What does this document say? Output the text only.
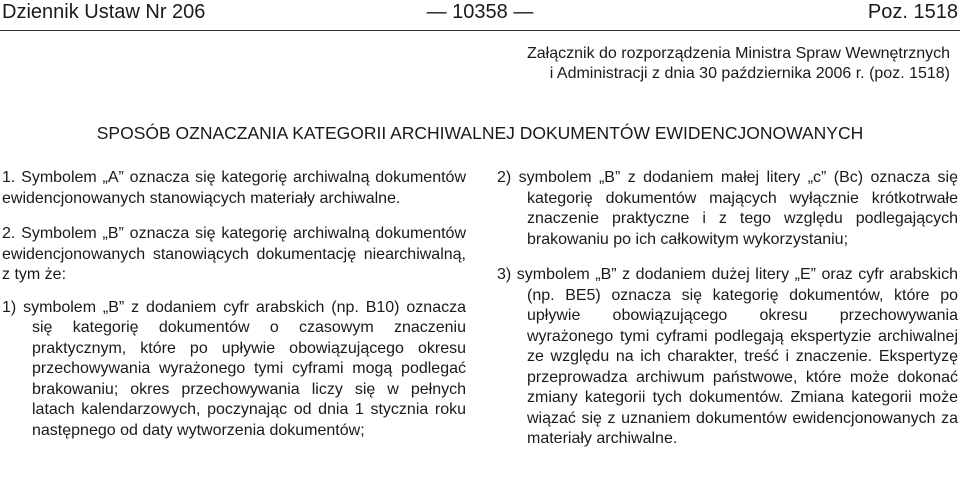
Dziennik Ustaw Nr 206	— 10358 —	Poz. 1518
Załącznik do rozporządzenia Ministra Spraw Wewnętrznych
i Administracji z dnia 30 października 2006 r. (poz. 1518)
SPOSÓB OZNACZANIA KATEGORII ARCHIWALNEJ DOKUMENTÓW EWIDENCJONOWANYCH

1. Symbolem „A” oznacza się kategorię archiwalną dokumentów ewidencjonowanych stanowiących materiały archiwalne.

2. Symbolem „B” oznacza się kategorię archiwalną dokumentów ewidencjonowanych stanowiących dokumentację niearchiwalną, z tym że:

1) symbolem „B” z dodaniem cyfr arabskich (np. B10) oznacza się kategorię dokumentów o czasowym znaczeniu praktycznym, które po upływie obowiązującego okresu przechowywania wyrażonego tymi cyframi mogą podlegać brakowaniu; okres przechowywania liczy się w pełnych latach kalendarzowych, poczynając od dnia 1 stycznia roku następnego od daty wytworzenia dokumentów;

2) symbolem „B” z dodaniem małej litery „c” (Bc) oznacza się kategorię dokumentów mających wyłącznie krótkotrwałe znaczenie praktyczne i z tego względu podlegających brakowaniu po ich całkowitym wykorzystaniu;

3) symbolem „B” z dodaniem dużej litery „E” oraz cyfr arabskich (np. BE5) oznacza się kategorię dokumentów, które po upływie obowiązującego okresu przechowywania wyrażonego tymi cyframi podlegają ekspertyzie archiwalnej ze względu na ich charakter, treść i znaczenie. Ekspertyzę przeprowadza archiwum państwowe, które może dokonać zmiany kategorii tych dokumentów. Zmiana kategorii może wiązać się z uznaniem dokumentów ewidencjonowanych za materiały archiwalne.
